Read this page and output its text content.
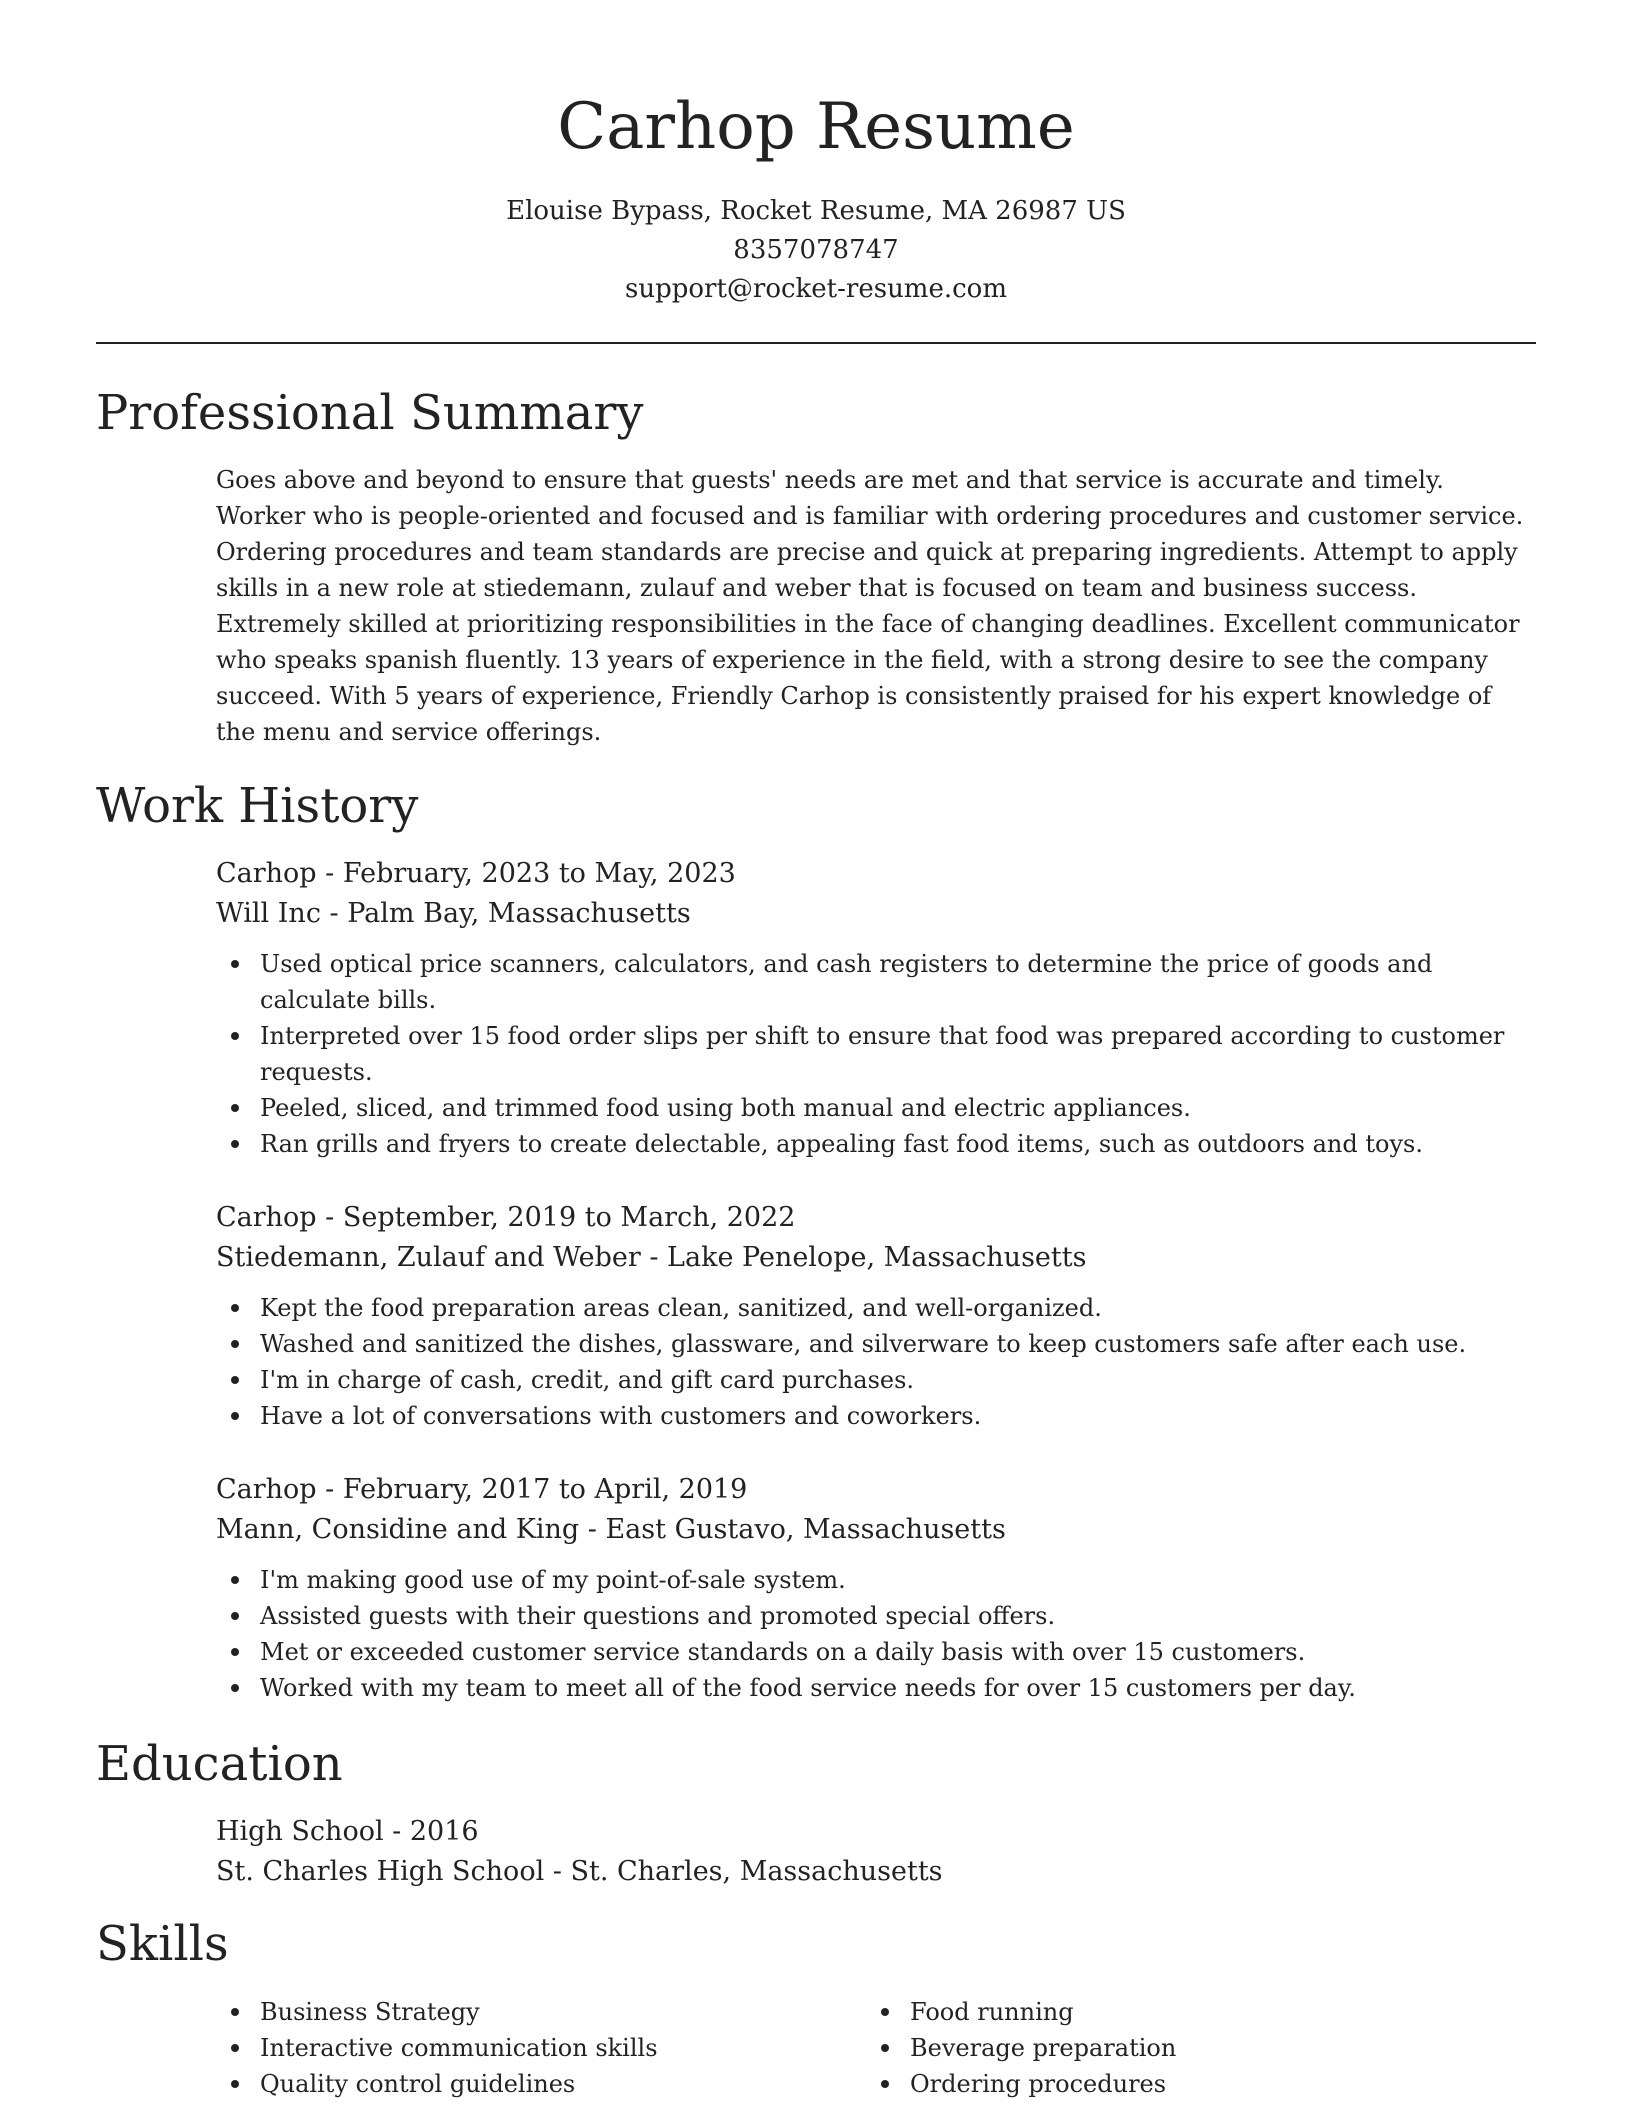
Carhop Resume
Elouise Bypass, Rocket Resume, MA 26987 US
8357078747
support@rocket-resume.com
Professional Summary

Goes above and beyond to ensure that guests' needs are met and that service is accurate and timely. Worker who is people-oriented and focused and is familiar with ordering procedures and customer service. Ordering procedures and team standards are precise and quick at preparing ingredients. Attempt to apply skills in a new role at stiedemann, zulauf and weber that is focused on team and business success. Extremely skilled at prioritizing responsibilities in the face of changing deadlines. Excellent communicator who speaks spanish fluently. 13 years of experience in the field, with a strong desire to see the company succeed. With 5 years of experience, Friendly Carhop is consistently praised for his expert knowledge of the menu and service offerings.

Work History
Carhop - February, 2023 to May, 2023
Will Inc - Palm Bay, Massachusetts
Used optical price scanners, calculators, and cash registers to determine the price of goods and calculate bills.
Interpreted over 15 food order slips per shift to ensure that food was prepared according to customer requests.
Peeled, sliced, and trimmed food using both manual and electric appliances.
Ran grills and fryers to create delectable, appealing fast food items, such as outdoors and toys.
Carhop - September, 2019 to March, 2022
Stiedemann, Zulauf and Weber - Lake Penelope, Massachusetts
Kept the food preparation areas clean, sanitized, and well-organized.
Washed and sanitized the dishes, glassware, and silverware to keep customers safe after each use.
I'm in charge of cash, credit, and gift card purchases.
Have a lot of conversations with customers and coworkers.
Carhop - February, 2017 to April, 2019
Mann, Considine and King - East Gustavo, Massachusetts
I'm making good use of my point-of-sale system.
Assisted guests with their questions and promoted special offers.
Met or exceeded customer service standards on a daily basis with over 15 customers.
Worked with my team to meet all of the food service needs for over 15 customers per day.
Education
High School - 2016
St. Charles High School - St. Charles, Massachusetts
Skills
Business Strategy
Interactive communication skills
Quality control guidelines
Food running
Beverage preparation
Ordering procedures
